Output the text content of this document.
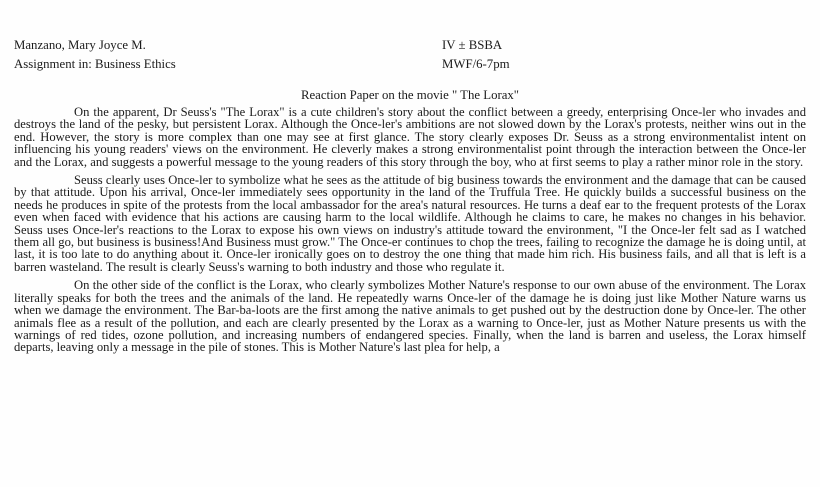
Manzano, Mary Joyce M.	IV ± BSBA
Assignment in: Business Ethics	MWF/6-7pm
Reaction Paper on the movie " The Lorax"

On the apparent, Dr Seuss's "The Lorax" is a cute children's story about the conflict between a greedy, enterprising Once-ler who invades and destroys the land of the pesky, but persistent Lorax. Although the Once-ler's ambitions are not slowed down by the Lorax's protests, neither wins out in the end. However, the story is more complex than one may see at first glance. The story clearly exposes Dr. Seuss as a strong environmentalist intent on influencing his young readers' views on the environment. He cleverly makes a strong environmentalist point through the interaction between the Once-ler and the Lorax, and suggests a powerful message to the young readers of this story through the boy, who at first seems to play a rather minor role in the story.

Seuss clearly uses Once-ler to symbolize what he sees as the attitude of big business towards the environment and the damage that can be caused by that attitude. Upon his arrival, Once-ler immediately sees opportunity in the land of the Truffula Tree. He quickly builds a successful business on the needs he produces in spite of the protests from the local ambassador for the area's natural resources. He turns a deaf ear to the frequent protests of the Lorax even when faced with evidence that his actions are causing harm to the local wildlife. Although he claims to care, he makes no changes in his behavior. Seuss uses Once-ler's reactions to the Lorax to expose his own views on industry's attitude toward the environment, "I the Once-ler felt sad as I watched them all go, but business is business!And Business must grow." The Once-er continues to chop the trees, failing to recognize the damage he is doing until, at last, it is too late to do anything about it. Once-ler ironically goes on to destroy the one thing that made him rich. His business fails, and all that is left is a barren wasteland. The result is clearly Seuss's warning to both industry and those who regulate it.

On the other side of the conflict is the Lorax, who clearly symbolizes Mother Nature's response to our own abuse of the environment. The Lorax literally speaks for both the trees and the animals of the land. He repeatedly warns Once-ler of the damage he is doing just like Mother Nature warns us when we damage the environment. The Bar-ba-loots are the first among the native animals to get pushed out by the destruction done by Once-ler. The other animals flee as a result of the pollution, and each are clearly presented by the Lorax as a warning to Once-ler, just as Mother Nature presents us with the warnings of red tides, ozone pollution, and increasing numbers of endangered species. Finally, when the land is barren and useless, the Lorax himself departs, leaving only a message in the pile of stones. This is Mother Nature's last plea for help, a
